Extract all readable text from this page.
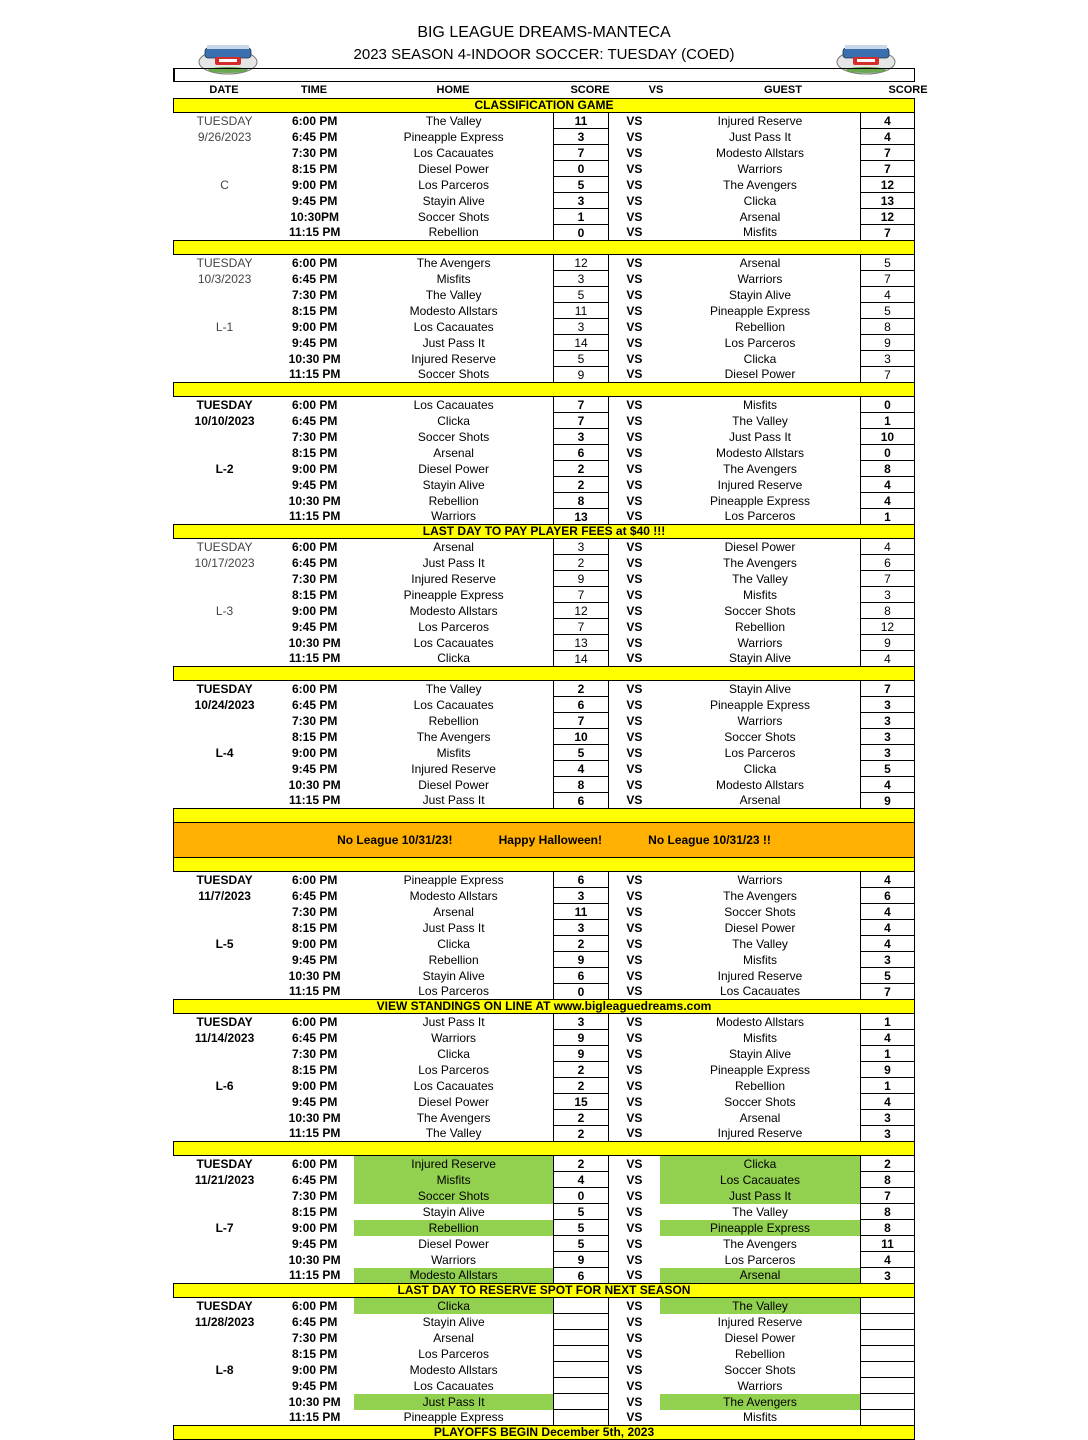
BIG LEAGUE DREAMS-MANTECA
2023 SEASON 4-INDOOR SOCCER: TUESDAY (COED)
DATE	TIME	HOME	SCORE	VS	GUEST	SCORE
CLASSIFICATION GAME						
TUESDAY	6:00 PM	The Valley	11	VS	Injured Reserve	4
9/26/2023	6:45 PM	Pineapple Express	3	VS	Just Pass It	4
	7:30 PM	Los Cacauates	7	VS	Modesto Allstars	7
	8:15 PM	Diesel Power	0	VS	Warriors	7
C	9:00 PM	Los Parceros	5	VS	The Avengers	12
	9:45 PM	Stayin Alive	3	VS	Clicka	13
	10:30PM	Soccer Shots	1	VS	Arsenal	12
	11:15 PM	Rebellion	0	VS	Misfits	7

TUESDAY	6:00 PM	The Avengers	12	VS	Arsenal	5
10/3/2023	6:45 PM	Misfits	3	VS	Warriors	7
	7:30 PM	The Valley	5	VS	Stayin Alive	4
	8:15 PM	Modesto Allstars	11	VS	Pineapple Express	5
L-1	9:00 PM	Los Cacauates	3	VS	Rebellion	8
	9:45 PM	Just Pass It	14	VS	Los Parceros	9
	10:30 PM	Injured Reserve	5	VS	Clicka	3
	11:15 PM	Soccer Shots	9	VS	Diesel Power	7

TUESDAY	6:00 PM	Los Cacauates	7	VS	Misfits	0
10/10/2023	6:45 PM	Clicka	7	VS	The Valley	1
	7:30 PM	Soccer Shots	3	VS	Just Pass It	10
	8:15 PM	Arsenal	6	VS	Modesto Allstars	0
L-2	9:00 PM	Diesel Power	2	VS	The Avengers	8
	9:45 PM	Stayin Alive	2	VS	Injured Reserve	4
	10:30 PM	Rebellion	8	VS	Pineapple Express	4
	11:15 PM	Warriors	13	VS	Los Parceros	1
LAST DAY TO PAY PLAYER FEES at $40 !!!						
TUESDAY	6:00 PM	Arsenal	3	VS	Diesel Power	4
10/17/2023	6:45 PM	Just Pass It	2	VS	The Avengers	6
	7:30 PM	Injured Reserve	9	VS	The Valley	7
	8:15 PM	Pineapple Express	7	VS	Misfits	3
L-3	9:00 PM	Modesto Allstars	12	VS	Soccer Shots	8
	9:45 PM	Los Parceros	7	VS	Rebellion	12
	10:30 PM	Los Cacauates	13	VS	Warriors	9
	11:15 PM	Clicka	14	VS	Stayin Alive	4

TUESDAY	6:00 PM	The Valley	2	VS	Stayin Alive	7
10/24/2023	6:45 PM	Los Cacauates	6	VS	Pineapple Express	3
	7:30 PM	Rebellion	7	VS	Warriors	3
	8:15 PM	The Avengers	10	VS	Soccer Shots	3
L-4	9:00 PM	Misfits	5	VS	Los Parceros	3
	9:45 PM	Injured Reserve	4	VS	Clicka	5
	10:30 PM	Diesel Power	8	VS	Modesto Allstars	4
	11:15 PM	Just Pass It	6	VS	Arsenal	9

No League 10/31/23! Happy Halloween! No League 10/31/23 !!						

TUESDAY	6:00 PM	Pineapple Express	6	VS	Warriors	4
11/7/2023	6:45 PM	Modesto Allstars	3	VS	The Avengers	6
	7:30 PM	Arsenal	11	VS	Soccer Shots	4
	8:15 PM	Just Pass It	3	VS	Diesel Power	4
L-5	9:00 PM	Clicka	2	VS	The Valley	4
	9:45 PM	Rebellion	9	VS	Misfits	3
	10:30 PM	Stayin Alive	6	VS	Injured Reserve	5
	11:15 PM	Los Parceros	0	VS	Los Cacauates	7
VIEW STANDINGS ON LINE AT www.bigleaguedreams.com						
TUESDAY	6:00 PM	Just Pass It	3	VS	Modesto Allstars	1
11/14/2023	6:45 PM	Warriors	9	VS	Misfits	4
	7:30 PM	Clicka	9	VS	Stayin Alive	1
	8:15 PM	Los Parceros	2	VS	Pineapple Express	9
L-6	9:00 PM	Los Cacauates	2	VS	Rebellion	1
	9:45 PM	Diesel Power	15	VS	Soccer Shots	4
	10:30 PM	The Avengers	2	VS	Arsenal	3
	11:15 PM	The Valley	2	VS	Injured Reserve	3

TUESDAY	6:00 PM	Injured Reserve	2	VS	Clicka	2
11/21/2023	6:45 PM	Misfits	4	VS	Los Cacauates	8
	7:30 PM	Soccer Shots	0	VS	Just Pass It	7
	8:15 PM	Stayin Alive	5	VS	The Valley	8
L-7	9:00 PM	Rebellion	5	VS	Pineapple Express	8
	9:45 PM	Diesel Power	5	VS	The Avengers	11
	10:30 PM	Warriors	9	VS	Los Parceros	4
	11:15 PM	Modesto Allstars	6	VS	Arsenal	3
LAST DAY TO RESERVE SPOT FOR NEXT SEASON						
TUESDAY	6:00 PM	Clicka		VS	The Valley	
11/28/2023	6:45 PM	Stayin Alive		VS	Injured Reserve	
	7:30 PM	Arsenal		VS	Diesel Power	
	8:15 PM	Los Parceros		VS	Rebellion	
L-8	9:00 PM	Modesto Allstars		VS	Soccer Shots	
	9:45 PM	Los Cacauates		VS	Warriors	
	10:30 PM	Just Pass It		VS	The Avengers	
	11:15 PM	Pineapple Express		VS	Misfits	
PLAYOFFS BEGIN December 5th, 2023						
